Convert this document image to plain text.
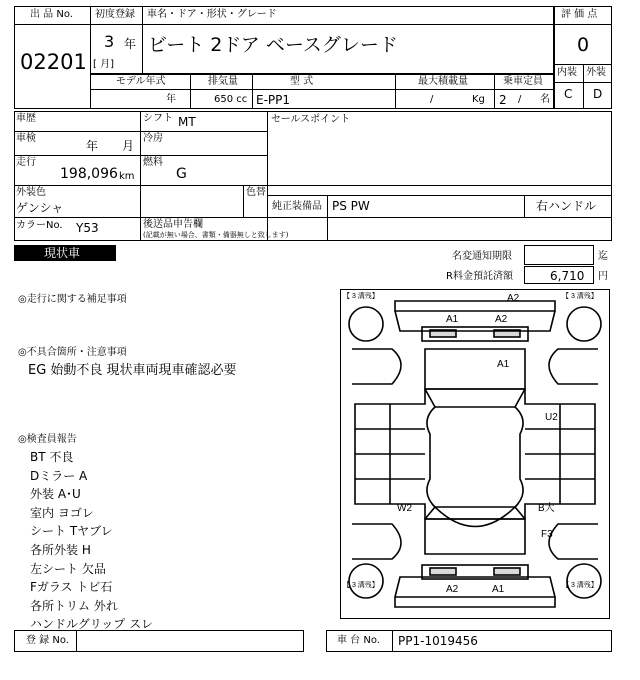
出 品 No.
02201
初度登録 車名・ドア・形状・グレード
3 年
[ 月]
ビート 2ドア ベースグレード
評 価 点
0
内装 外装
C D
モデル年式
年
排気量
650 cc
型 式
E-PP1
最大積載量
/	Kg
乗車定員
2 / 名
車歴	シフト MT	セールスポイント
車検
年 月
冷房
走行
198,096 km
燃料
G
外装色
ゲンシャ
色替
純正装備品 PS PW	右ハンドル
カラーNo. Y53	後送品申告欄
(記載が無い場合、書類・備器無しと致します)
現状車	名変通知期限	迄
R料金預託済額	6,710 円
◎走行に関する補足事項
◎不具合箇所・注意事項
EG 始動不良 現状車両現車確認必要
◎検査員報告
BT 不良
Dミラー A
外装 A･U
室内 ヨゴレ
シート Tヤブレ
各所外装 H
左シート 欠品
Fガラス トビ石
各所トリム 外れ
ハンドルグリップ スレ
【 3 溝残】	【 3 溝残】
【 3 溝残】	【 3 溝残】
A2
A1	A2
A1
U2
W2	B大
F3
A2	A1
登 録 No.	車 台 No. PP1-1019456
